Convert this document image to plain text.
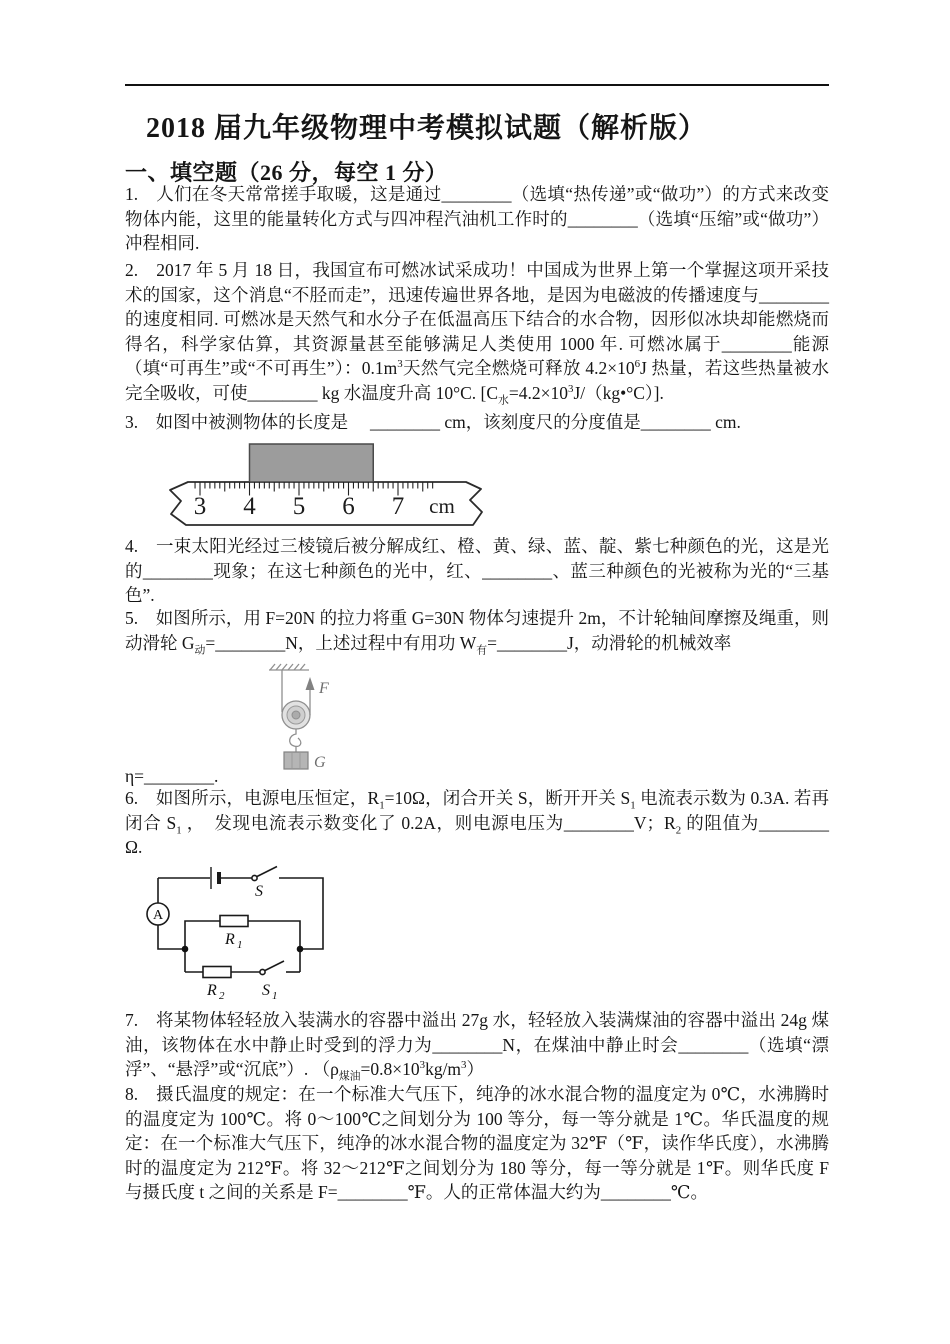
2018 届九年级物理中考模拟试题（解析版）
一、填空题（26 分，每空 1 分）
1.　人们在冬天常常搓手取暖，这是通过________（选填“热传递”或“做功”）的方式来改变物体内能，这里的能量转化方式与四冲程汽油机工作时的________（选填“压缩”或“做功”）冲程相同.
2.　2017 年 5 月 18 日，我国宣布可燃冰试采成功！中国成为世界上第一个掌握这项开采技术的国家，这个消息“不胫而走”，迅速传遍世界各地，是因为电磁波的传播速度与________的速度相同. 可燃冰是天然气和水分子在低温高压下结合的水合物，因形似冰块却能燃烧而得名，科学家估算，其资源量甚至能够满足人类使用 1000 年. 可燃冰属于________能源（填“可再生”或“不可再生”）：$0.1m^3$天然气完全燃烧可释放 $4.2\times 10^6J$ 热量，若这些热量被水完全吸收，可使________ kg 水温度升高 10°C. $[C_水=4.2\times 10^3J/(kg•^\circ C)]$.
3.　如图中被测物体的长度是　 ________ cm，该刻度尺的分度值是________ cm.
3 4 5 6 7 cm
4.　一束太阳光经过三棱镜后被分解成红、橙、黄、绿、蓝、靛、紫七种颜色的光，这是光的________现象；在这七种颜色的光中，红、________、蓝三种颜色的光被称为光的“三基色”.
5.　如图所示，用 F=20N 的拉力将重 G=30N 物体匀速提升 2m，不计轮轴间摩擦及绳重，则动滑轮 $G_动=\_\_\_\_\_\_\_\_N$，上述过程中有用功 $W_有=\_\_\_\_\_\_\_\_J$，动滑轮的机械效率
F
G
η=________.
6.　如图所示，电源电压恒定，$R_1=10\Omega$，闭合开关 S，断开开关 $S_1$ 电流表示数为 0.3A. 若再闭合 $S_1$ ，　发现电流表示数变化了 0.2A，则电源电压为________V；$R_2$ 的阻值为________ Ω.
S
A
R 1
R 2 S 1
7.　将某物体轻轻放入装满水的容器中溢出 27g 水，轻轻放入装满煤油的容器中溢出 24g 煤油，该物体在水中静止时受到的浮力为________N，在煤油中静止时会________（选填“漂浮”、“悬浮”或“沉底”）. $(\rho_{煤油}=0.8\times 10^3kg/m^3)$
8.　摄氏温度的规定：在一个标准大气压下，纯净的冰水混合物的温度定为 0℃，水沸腾时的温度定为 100℃。将 0～100℃之间划分为 100 等分，每一等分就是 1℃。华氏温度的规定：在一个标准大气压下，纯净的冰水混合物的温度定为 32℉（℉，读作华氏度），水沸腾时的温度定为 212℉。将 32～212℉之间划分为 180 等分，每一等分就是 1℉。则华氏度 F 与摄氏度 t 之间的关系是 F=________℉。人的正常体温大约为________℃。
